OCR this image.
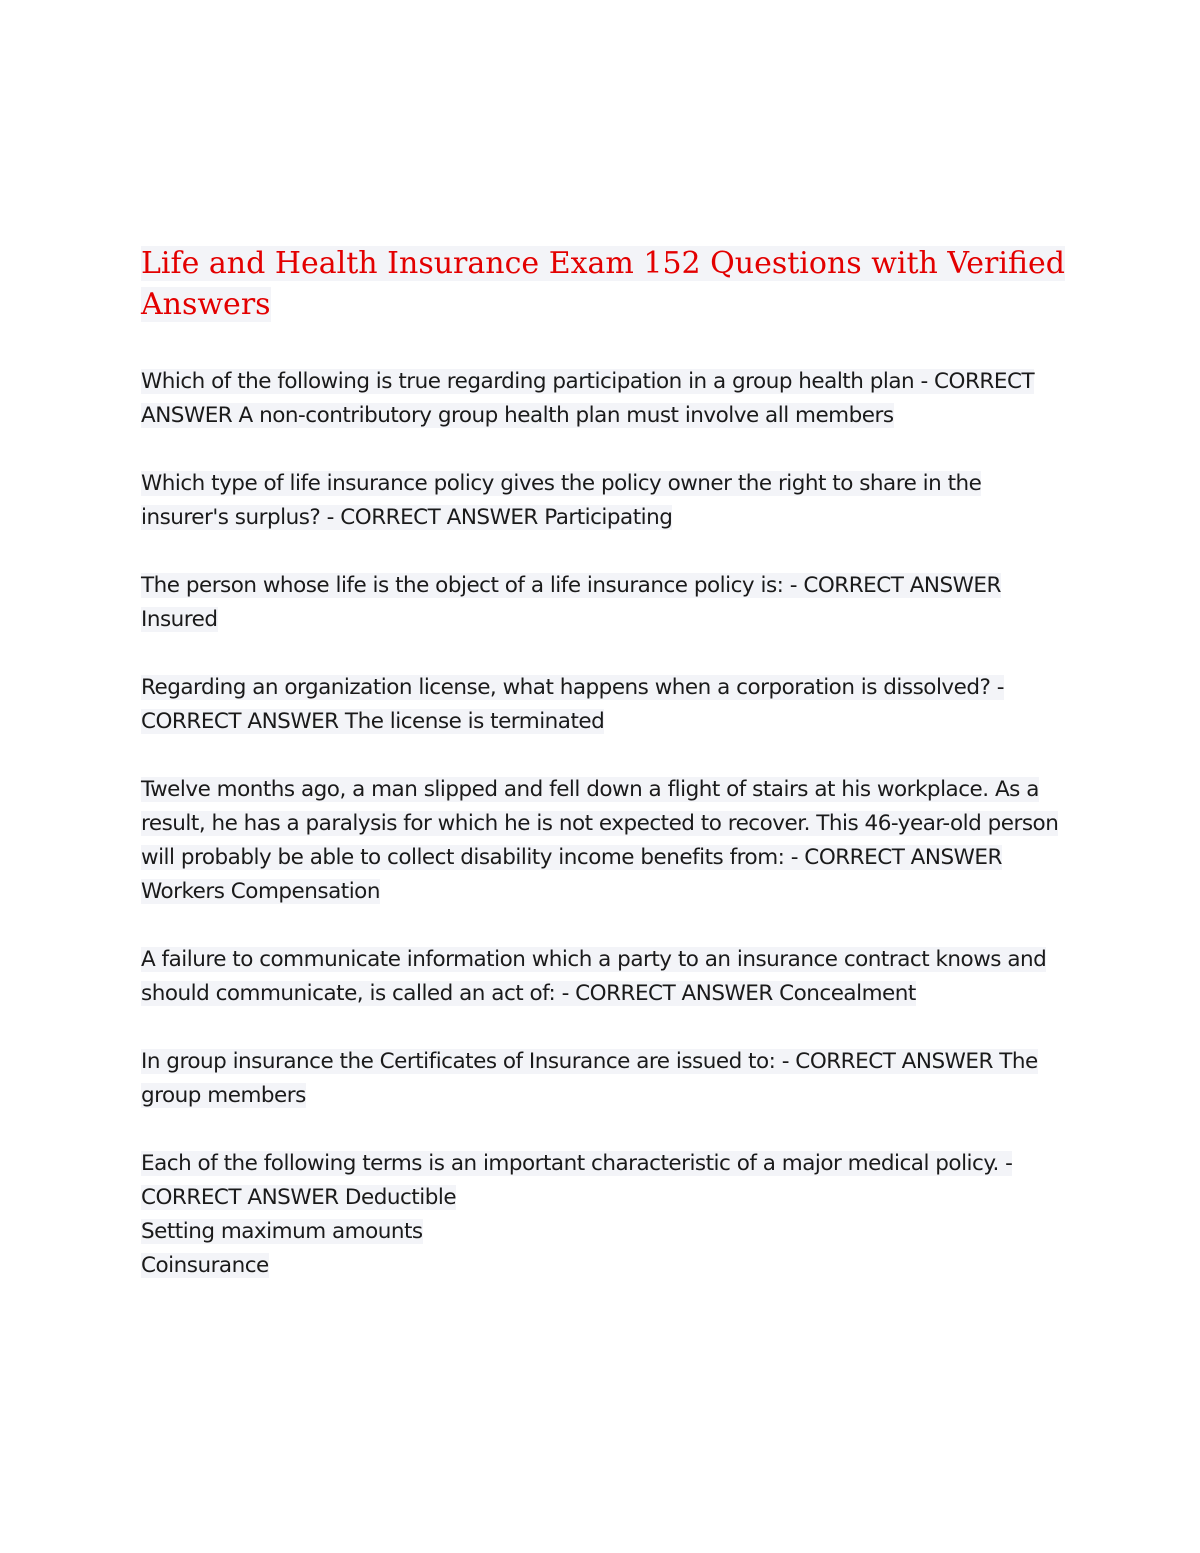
Life and Health Insurance Exam 152 Questions with Verified Answers

Which of the following is true regarding participation in a group health plan - CORRECT ANSWER A non-contributory group health plan must involve all members

Which type of life insurance policy gives the policy owner the right to share in the insurer's surplus? - CORRECT ANSWER Participating

The person whose life is the object of a life insurance policy is: - CORRECT ANSWER Insured

Regarding an organization license, what happens when a corporation is dissolved? - CORRECT ANSWER The license is terminated

Twelve months ago, a man slipped and fell down a flight of stairs at his workplace. As a result, he has a paralysis for which he is not expected to recover. This 46-year-old person will probably be able to collect disability income benefits from: - CORRECT ANSWER Workers Compensation

A failure to communicate information which a party to an insurance contract knows and should communicate, is called an act of: - CORRECT ANSWER Concealment

In group insurance the Certificates of Insurance are issued to: - CORRECT ANSWER The group members

Each of the following terms is an important characteristic of a major medical policy. - CORRECT ANSWER Deductible
Setting maximum amounts
Coinsurance
